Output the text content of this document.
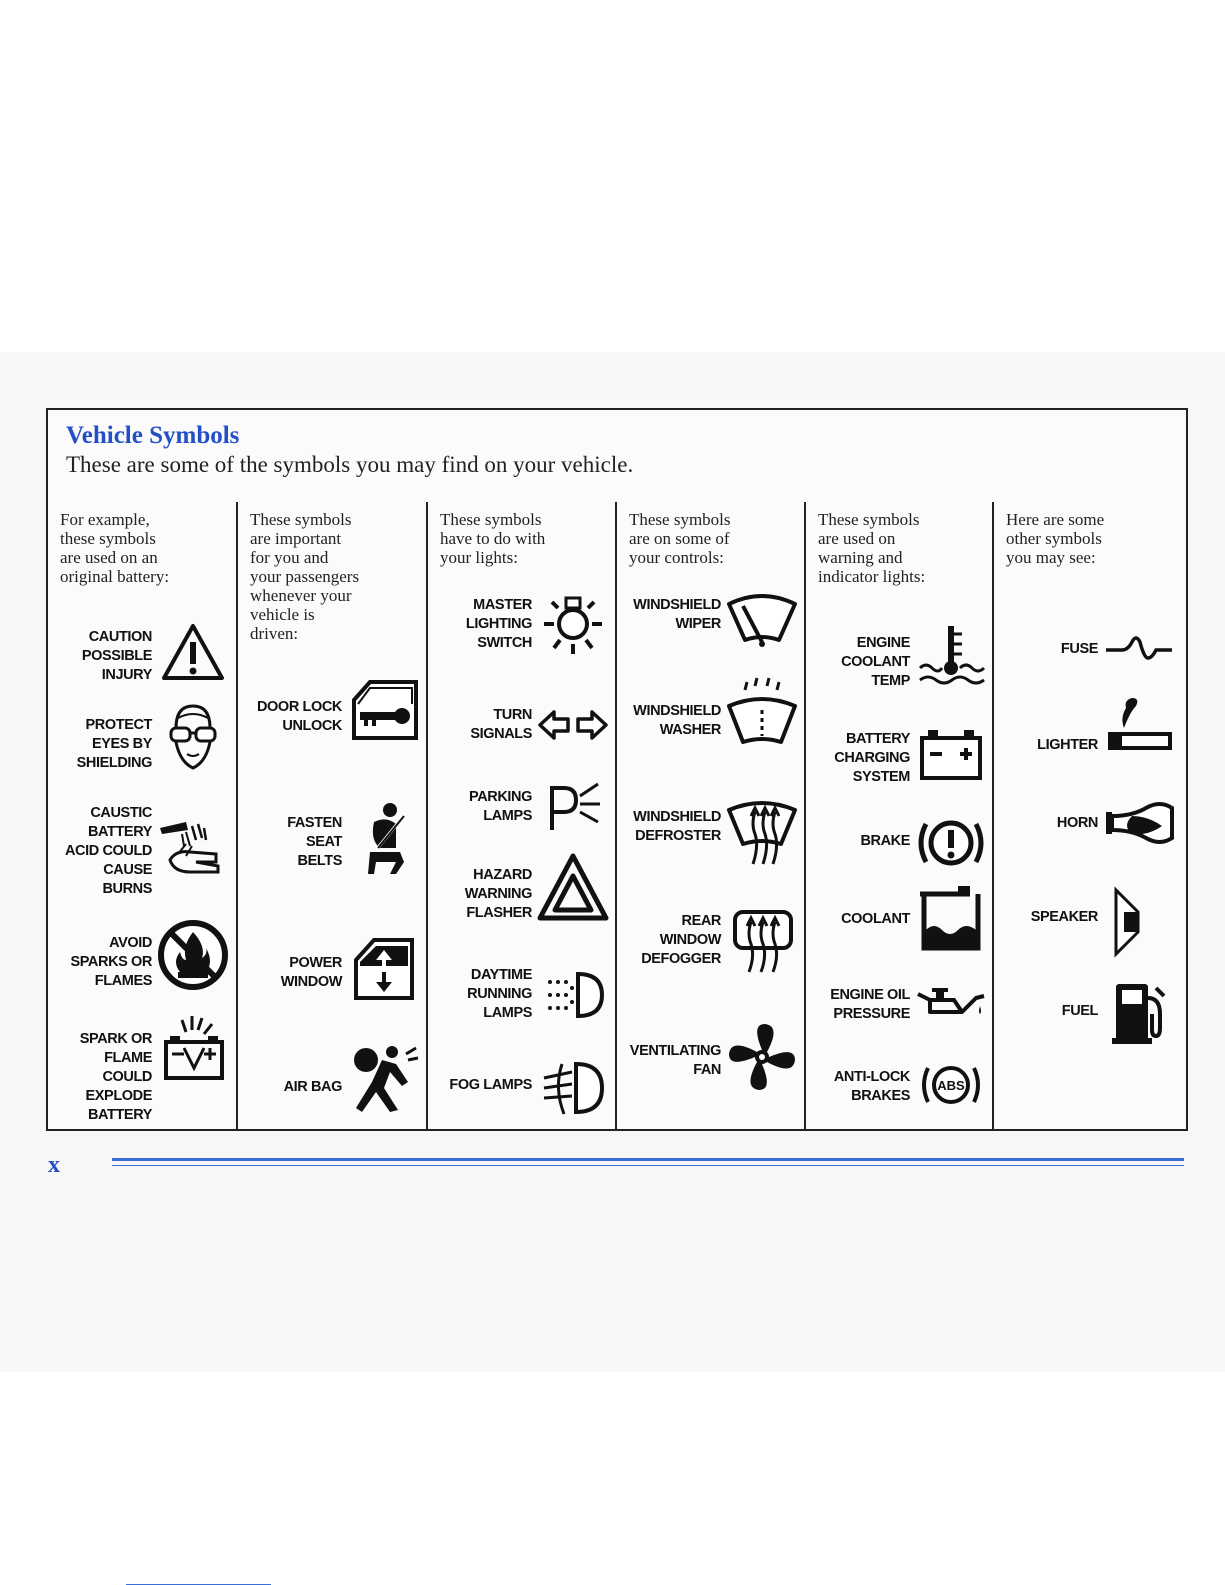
Vehicle Symbols
These are some of the symbols you may find on your vehicle.
For example,
these symbols
are used on an
original battery:
CAUTION
POSSIBLE
INJURY
PROTECT
EYES BY
SHIELDING
CAUSTIC
BATTERY
ACID COULD
CAUSE
BURNS
AVOID
SPARKS OR
FLAMES
SPARK OR
FLAME
COULD
EXPLODE
BATTERY
These symbols
are important
for you and
your passengers
whenever your
vehicle is
driven:
DOOR LOCK
UNLOCK
FASTEN
SEAT
BELTS
POWER
WINDOW
AIR BAG
These symbols
have to do with
your lights:
MASTER
LIGHTING
SWITCH
TURN
SIGNALS
PARKING
LAMPS
HAZARD
WARNING
FLASHER
DAYTIME
RUNNING
LAMPS
FOG LAMPS
These symbols
are on some of
your controls:
WINDSHIELD
WIPER
WINDSHIELD
WASHER
WINDSHIELD
DEFROSTER
REAR
WINDOW
DEFOGGER
VENTILATING
FAN
These symbols
are used on
warning and
indicator lights:
ENGINE
COOLANT
TEMP
BATTERY
CHARGING
SYSTEM
BRAKE
COOLANT
ENGINE OIL
PRESSURE
ANTI-LOCK
BRAKES
ABS
Here are some
other symbols
you may see:
FUSE
LIGHTER
HORN
SPEAKER
FUEL
x
